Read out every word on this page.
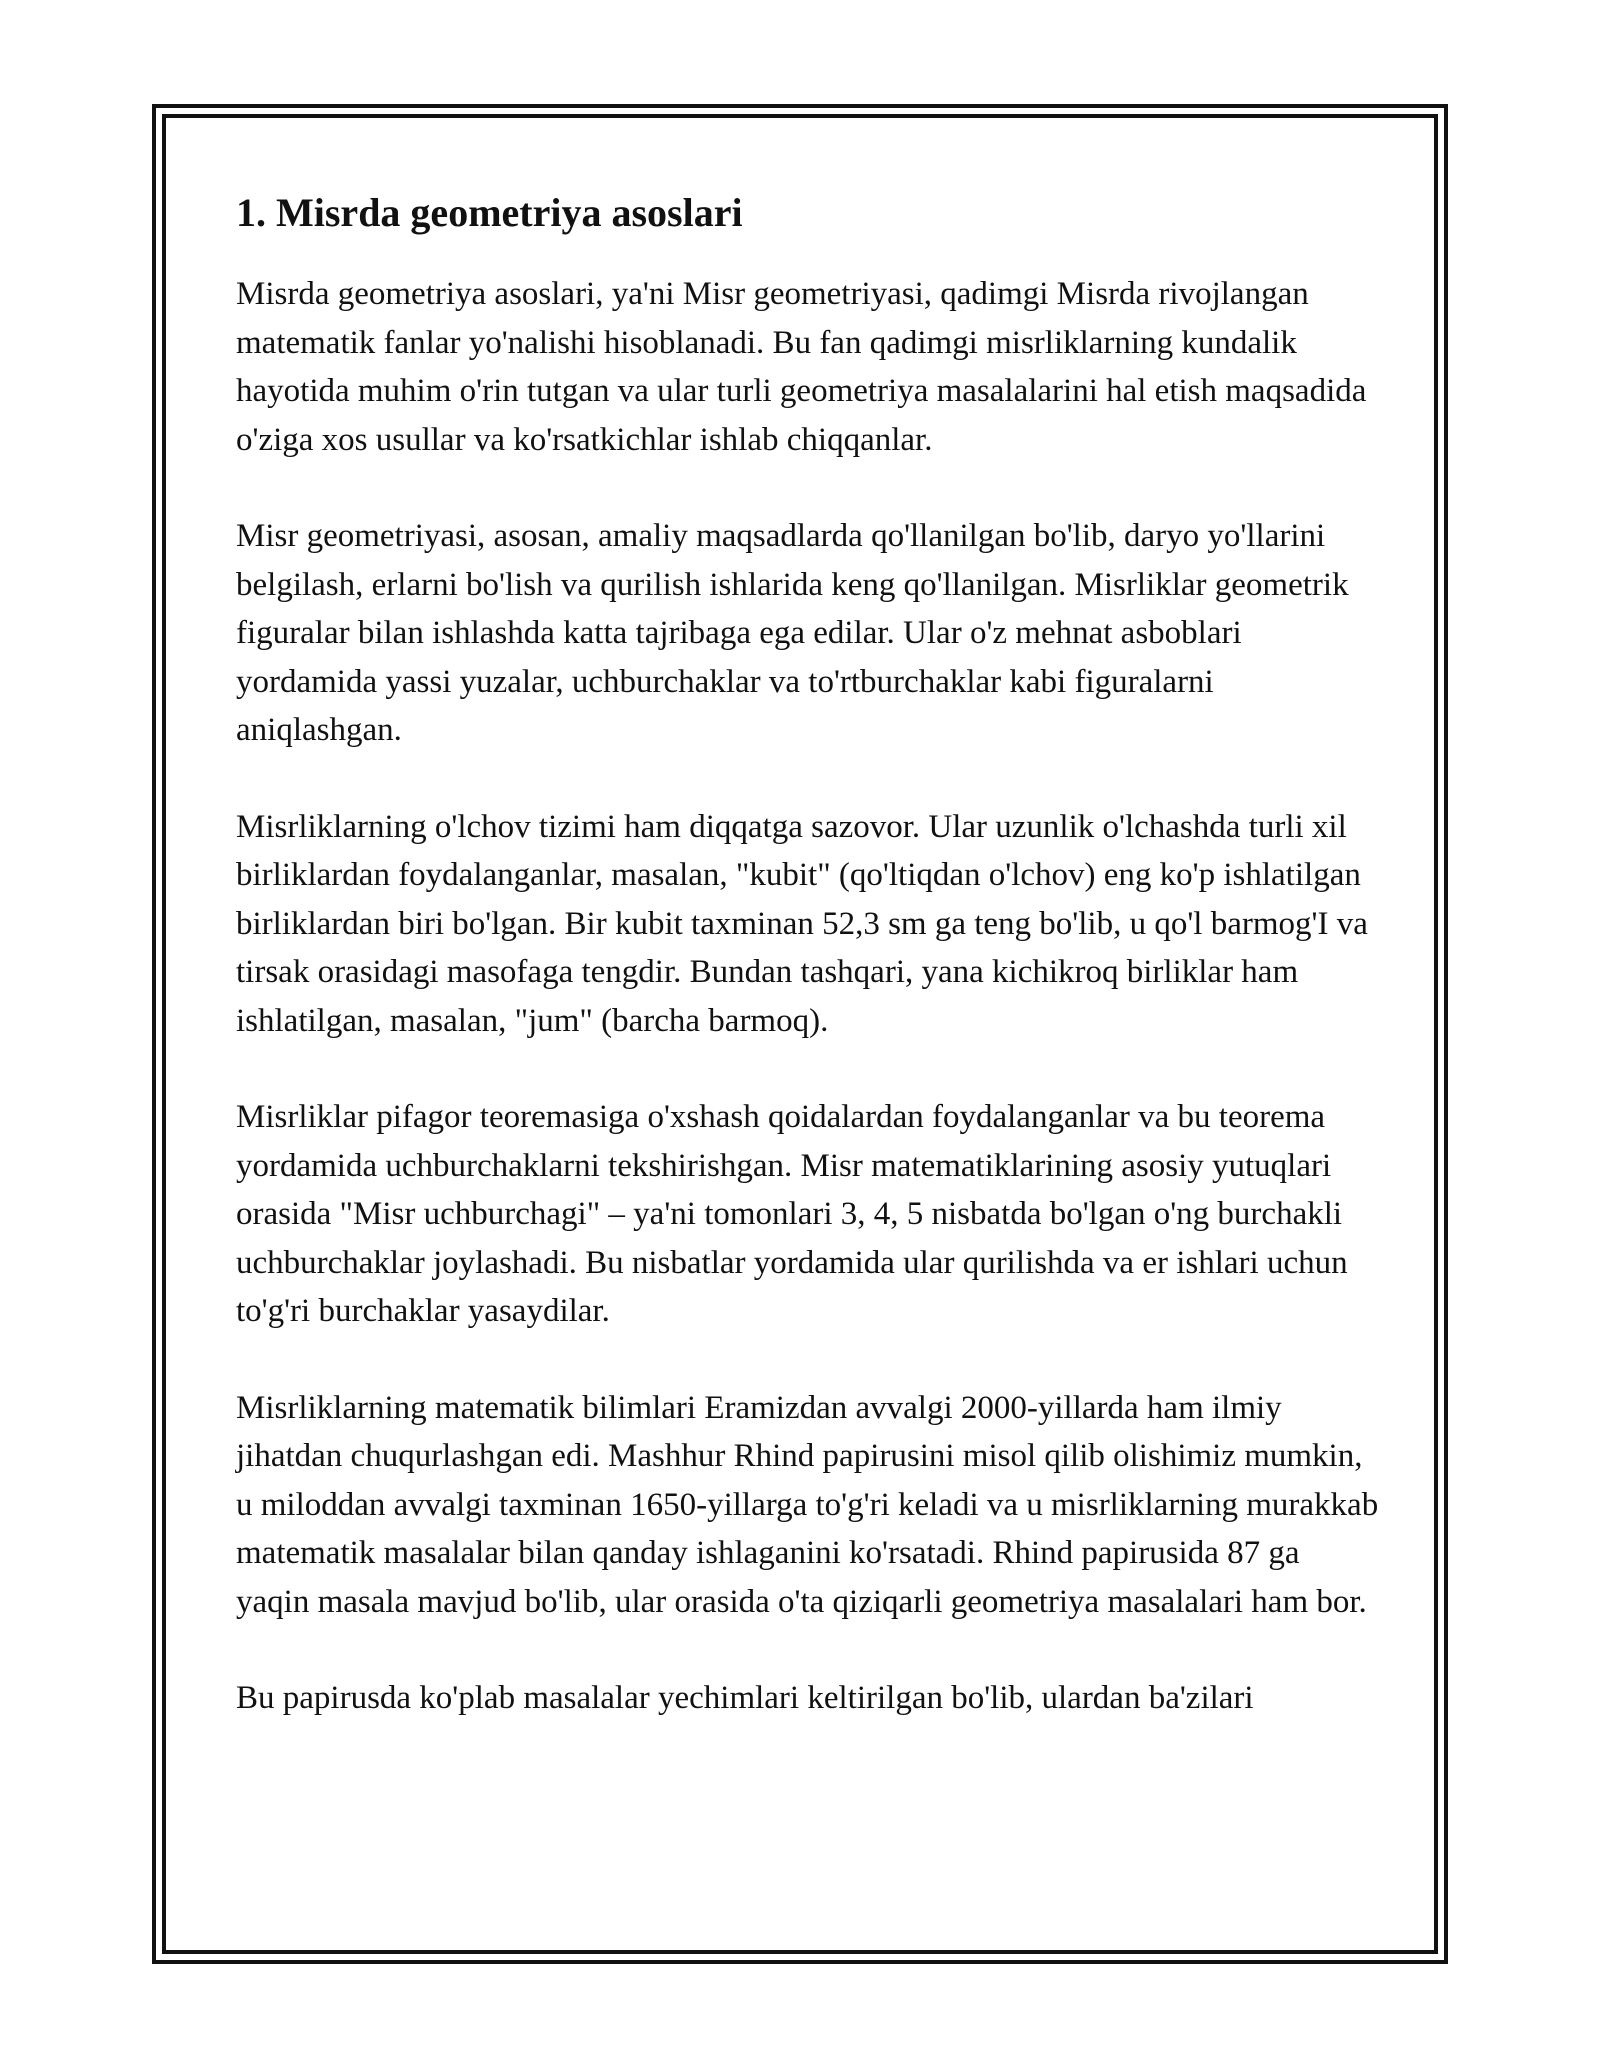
1. Misrda geometriya asoslari

Misrda geometriya asoslari, ya'ni Misr geometriyasi, qadimgi Misrda rivojlangan matematik fanlar yo'nalishi hisoblanadi. Bu fan qadimgi misrliklarning kundalik hayotida muhim o'rin tutgan va ular turli geometriya masalalarini hal etish maqsadida o'ziga xos usullar va ko'rsatkichlar ishlab chiqqanlar.

Misr geometriyasi, asosan, amaliy maqsadlarda qo'llanilgan bo'lib, daryo yo'llarini belgilash, erlarni bo'lish va qurilish ishlarida keng qo'llanilgan. Misrliklar geometrik figuralar bilan ishlashda katta tajribaga ega edilar. Ular o'z mehnat asboblari yordamida yassi yuzalar, uchburchaklar va to'rtburchaklar kabi figuralarni aniqlashgan.

Misrliklarning o'lchov tizimi ham diqqatga sazovor. Ular uzunlik o'lchashda turli xil birliklardan foydalanganlar, masalan, "kubit" (qo'ltiqdan o'lchov) eng ko'p ishlatilgan birliklardan biri bo'lgan. Bir kubit taxminan 52,3 sm ga teng bo'lib, u qo'l barmog'I va tirsak orasidagi masofaga tengdir. Bundan tashqari, yana kichikroq birliklar ham ishlatilgan, masalan, "jum" (barcha barmoq).

Misrliklar pifagor teoremasiga o'xshash qoidalardan foydalanganlar va bu teorema yordamida uchburchaklarni tekshirishgan. Misr matematiklarining asosiy yutuqlari orasida "Misr uchburchagi" – ya'ni tomonlari 3, 4, 5 nisbatda bo'lgan o'ng burchakli uchburchaklar joylashadi. Bu nisbatlar yordamida ular qurilishda va er ishlari uchun to'g'ri burchaklar yasaydilar.

Misrliklarning matematik bilimlari Eramizdan avvalgi 2000-yillarda ham ilmiy jihatdan chuqurlashgan edi. Mashhur Rhind papirusini misol qilib olishimiz mumkin, u miloddan avvalgi taxminan 1650-yillarga to'g'ri keladi va u misrliklarning murakkab matematik masalalar bilan qanday ishlaganini ko'rsatadi. Rhind papirusida 87 ga yaqin masala mavjud bo'lib, ular orasida o'ta qiziqarli geometriya masalalari ham bor.

Bu papirusda ko'plab masalalar yechimlari keltirilgan bo'lib, ulardan ba'zilari
